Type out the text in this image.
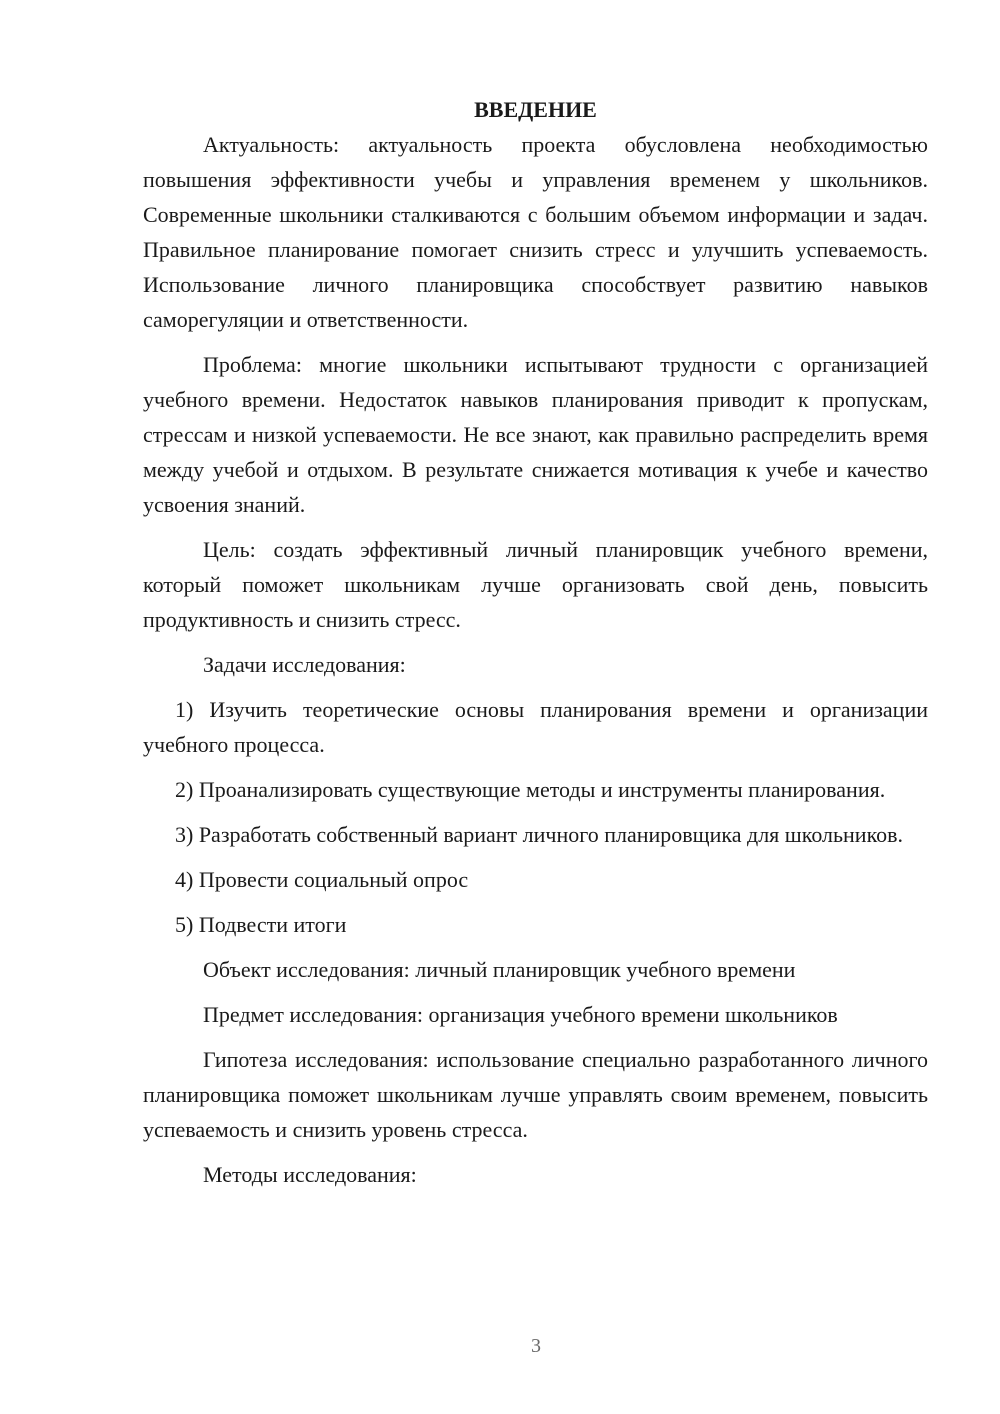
ВВЕДЕНИЕ

Актуальность: актуальность проекта обусловлена необходимостью повышения эффективности учебы и управления временем у школьников. Современные школьники сталкиваются с большим объемом информации и задач. Правильное планирование помогает снизить стресс и улучшить успеваемость. Использование личного планировщика способствует развитию навыков саморегуляции и ответственности.

Проблема: многие школьники испытывают трудности с организацией учебного времени. Недостаток навыков планирования приводит к пропускам, стрессам и низкой успеваемости. Не все знают, как правильно распределить время между учебой и отдыхом. В результате снижается мотивация к учебе и качество усвоения знаний.

Цель: создать эффективный личный планировщик учебного времени, который поможет школьникам лучше организовать свой день, повысить продуктивность и снизить стресс.

Задачи исследования:

1) Изучить теоретические основы планирования времени и организации учебного процесса.

2) Проанализировать существующие методы и инструменты планирования.

3) Разработать собственный вариант личного планировщика для школьников.

4) Провести социальный опрос

5) Подвести итоги

Объект исследования: личный планировщик учебного времени

Предмет исследования: организация учебного времени школьников

Гипотеза исследования: использование специально разработанного личного планировщика поможет школьникам лучше управлять своим временем, повысить успеваемость и снизить уровень стресса.

Методы исследования:

3
